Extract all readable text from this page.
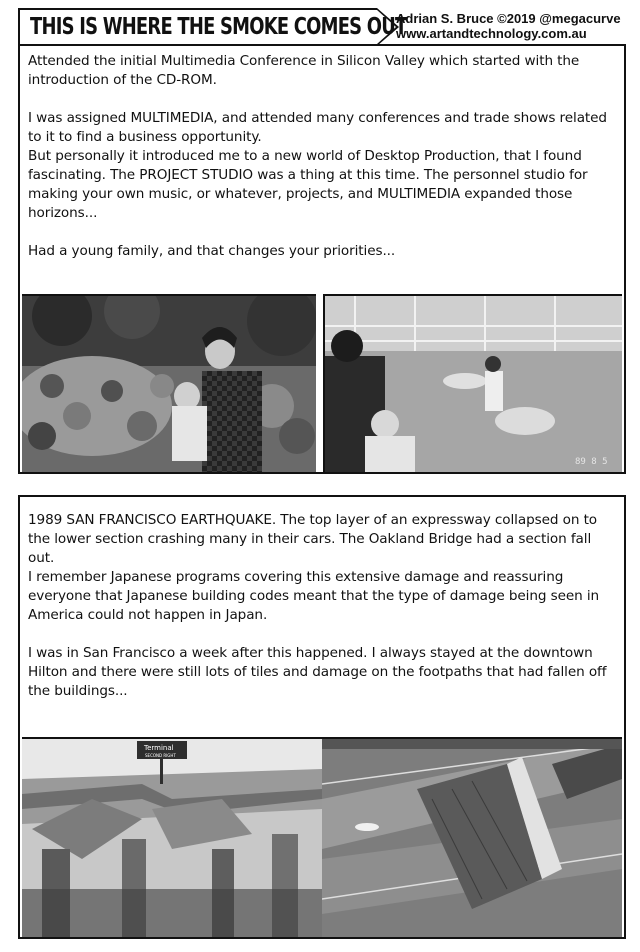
THIS IS WHERE THE SMOKE COMES OUT
Adrian S. Bruce ©2019 @megacurve
www.artandtechnology.com.au

Attended the initial Multimedia Conference in Silicon Valley which started with the introduction of the CD-ROM.

I was assigned MULTIMEDIA, and attended many conferences and trade shows related to it to find a business opportunity.

But personally it introduced me to a new world of Desktop Production, that I found fascinating. The PROJECT STUDIO was a thing at this time. The personnel studio for making your own music, or whatever, projects, and MULTIMEDIA expanded those horizons...

Had a young family, and that changes your priorities...

89 8 5

1989 SAN FRANCISCO EARTHQUAKE. The top layer of an expressway collapsed on to the lower section crashing many in their cars. The Oakland Bridge had a section fall out.

I remember Japanese programs covering this extensive damage and reassuring everyone that Japanese building codes meant that the type of damage being seen in America could not happen in Japan.

I was in San Francisco a week after this happened. I always stayed at the downtown Hilton and there were still lots of tiles and damage on the footpaths that had fallen off the buildings...

Terminal
SECOND RIGHT
